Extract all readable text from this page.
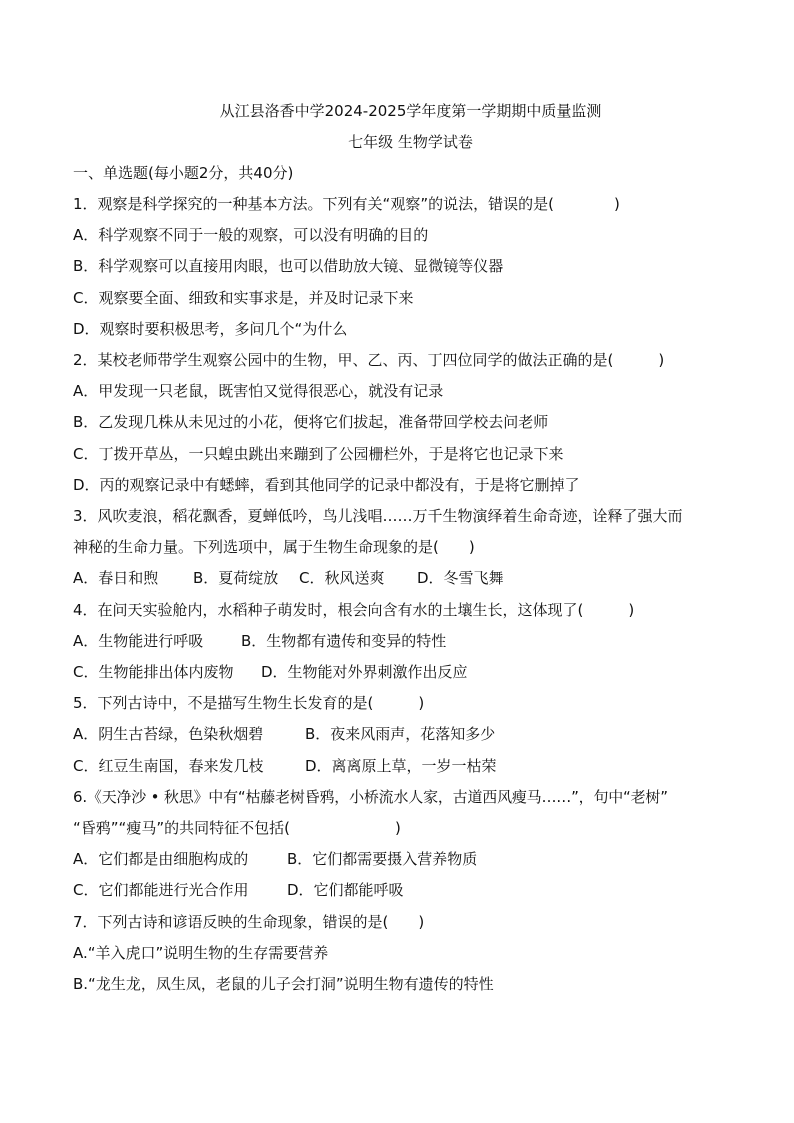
从江县洛香中学2024-2025学年度第一学期期中质量监测
七年级 生物学试卷
一、单选题(每小题2分，共40分)
1．观察是科学探究的一种基本方法。下列有关“观察”的说法，错误的是(　　　　)
A．科学观察不同于一般的观察，可以没有明确的目的
B．科学观察可以直接用肉眼，也可以借助放大镜、显微镜等仪器
C．观察要全面、细致和实事求是，并及时记录下来
D．观察时要积极思考，多问几个“为什么
2．某校老师带学生观察公园中的生物，甲、乙、丙、丁四位同学的做法正确的是(　　　)
A．甲发现一只老鼠，既害怕又觉得很恶心，就没有记录
B．乙发现几株从未见过的小花，便将它们拔起，准备带回学校去问老师
C．丁拨开草丛，一只蝗虫跳出来蹦到了公园栅栏外，于是将它也记录下来
D．丙的观察记录中有蟋蟀，看到其他同学的记录中都没有，于是将它删掉了
3．风吹麦浪，稻花飘香，夏蝉低吟，鸟儿浅唱……万千生物演绎着生命奇迹，诠释了强大而
神秘的生命力量。下列选项中，属于生物生命现象的是(　　)
A．春日和煦	B．夏荷绽放	C．秋风送爽	D．冬雪飞舞
4．在问天实验舱内，水稻种子萌发时，根会向含有水的土壤生长，这体现了(　　　)
A．生物能进行呼吸	B．生物都有遗传和变异的特性
C．生物能排出体内废物	D．生物能对外界刺激作出反应
5．下列古诗中，不是描写生物生长发育的是(　　　)
A．阴生古苔绿，色染秋烟碧	B．夜来风雨声，花落知多少
C．红豆生南国，春来发几枝	D．离离原上草，一岁一枯荣
6.《天净沙 • 秋思》中有“枯藤老树昏鸦，小桥流水人家，古道西风瘦马……”，句中“老树”
“昏鸦”“瘦马”的共同特征不包括(　　　　　　　)
A．它们都是由细胞构成的	B．它们都需要摄入营养物质
C．它们都能进行光合作用	D．它们都能呼吸
7．下列古诗和谚语反映的生命现象，错误的是(　　)
A.“羊入虎口”说明生物的生存需要营养
B.“龙生龙，凤生凤，老鼠的儿子会打洞”说明生物有遗传的特性
